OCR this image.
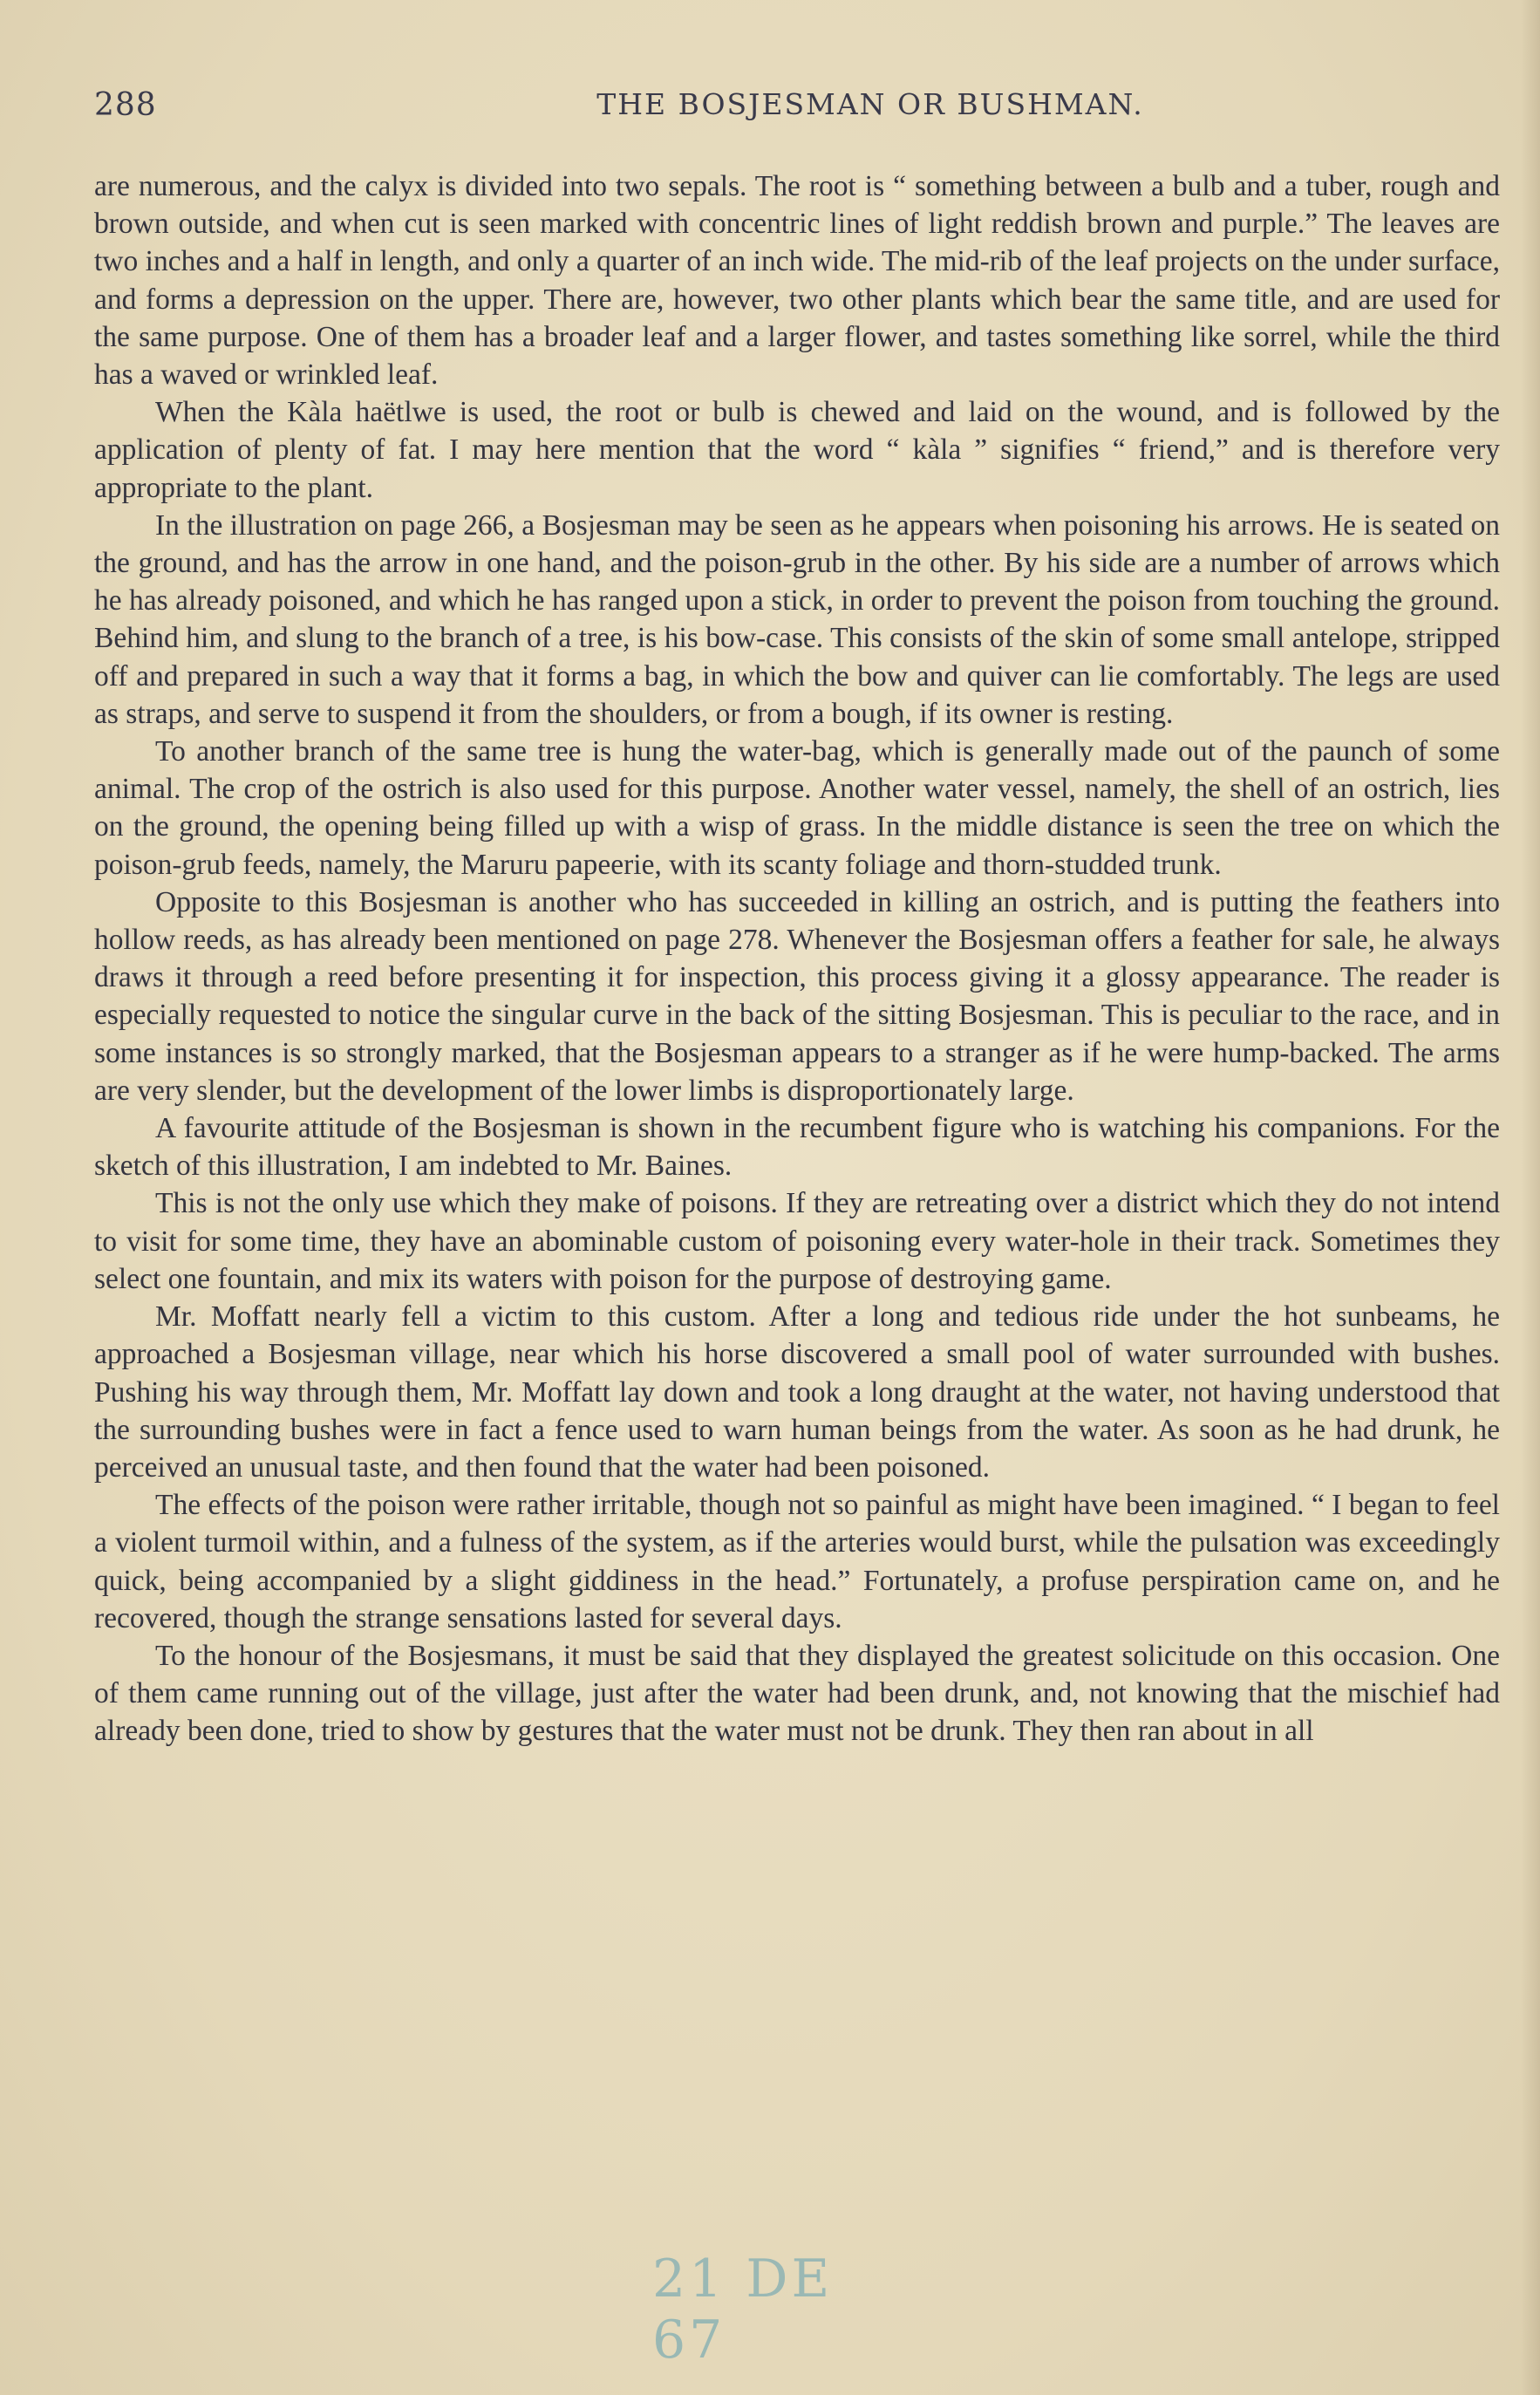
288	THE BOSJESMAN OR BUSHMAN.

are numerous, and the calyx is divided into two sepals. The root is “ something between a bulb and a tuber, rough and brown outside, and when cut is seen marked with concentric lines of light reddish brown and purple.” The leaves are two inches and a half in length, and only a quarter of an inch wide. The mid-rib of the leaf projects on the under surface, and forms a depression on the upper. There are, however, two other plants which bear the same title, and are used for the same purpose. One of them has a broader leaf and a larger flower, and tastes something like sorrel, while the third has a waved or wrinkled leaf.

When the Kàla haëtlwe is used, the root or bulb is chewed and laid on the wound, and is followed by the application of plenty of fat. I may here mention that the word “ kàla ” signifies “ friend,” and is therefore very appropriate to the plant.

In the illustration on page 266, a Bosjesman may be seen as he appears when poisoning his arrows. He is seated on the ground, and has the arrow in one hand, and the poison-grub in the other. By his side are a number of arrows which he has already poisoned, and which he has ranged upon a stick, in order to prevent the poison from touching the ground. Behind him, and slung to the branch of a tree, is his bow-case. This consists of the skin of some small antelope, stripped off and prepared in such a way that it forms a bag, in which the bow and quiver can lie comfortably. The legs are used as straps, and serve to suspend it from the shoulders, or from a bough, if its owner is resting.

To another branch of the same tree is hung the water-bag, which is generally made out of the paunch of some animal. The crop of the ostrich is also used for this purpose. Another water vessel, namely, the shell of an ostrich, lies on the ground, the opening being filled up with a wisp of grass. In the middle distance is seen the tree on which the poison-grub feeds, namely, the Maruru papeerie, with its scanty foliage and thorn-studded trunk.

Opposite to this Bosjesman is another who has succeeded in killing an ostrich, and is putting the feathers into hollow reeds, as has already been mentioned on page 278. Whenever the Bosjesman offers a feather for sale, he always draws it through a reed before presenting it for inspection, this process giving it a glossy appearance. The reader is especially requested to notice the singular curve in the back of the sitting Bosjesman. This is peculiar to the race, and in some instances is so strongly marked, that the Bosjesman appears to a stranger as if he were hump-backed. The arms are very slender, but the development of the lower limbs is disproportionately large.

A favourite attitude of the Bosjesman is shown in the recumbent figure who is watching his companions. For the sketch of this illustration, I am indebted to Mr. Baines.

This is not the only use which they make of poisons. If they are retreating over a district which they do not intend to visit for some time, they have an abominable custom of poisoning every water-hole in their track. Sometimes they select one fountain, and mix its waters with poison for the purpose of destroying game.

Mr. Moffatt nearly fell a victim to this custom. After a long and tedious ride under the hot sunbeams, he approached a Bosjesman village, near which his horse discovered a small pool of water surrounded with bushes. Pushing his way through them, Mr. Moffatt lay down and took a long draught at the water, not having understood that the surrounding bushes were in fact a fence used to warn human beings from the water. As soon as he had drunk, he perceived an unusual taste, and then found that the water had been poisoned.

The effects of the poison were rather irritable, though not so painful as might have been imagined. “ I began to feel a violent turmoil within, and a fulness of the system, as if the arteries would burst, while the pulsation was exceedingly quick, being accompanied by a slight giddiness in the head.” Fortunately, a profuse perspiration came on, and he recovered, though the strange sensations lasted for several days.

To the honour of the Bosjesmans, it must be said that they displayed the greatest solicitude on this occasion. One of them came running out of the village, just after the water had been drunk, and, not knowing that the mischief had already been done, tried to show by gestures that the water must not be drunk. They then ran about in all

21 DE 67
